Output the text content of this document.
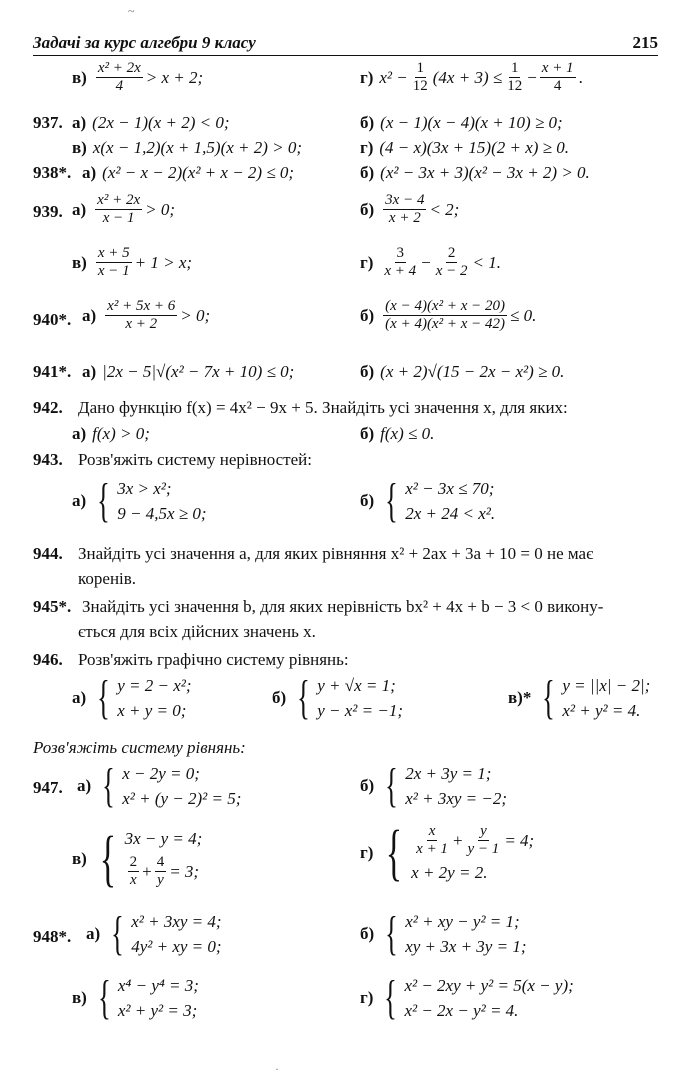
Задачі за курс алгебри 9 класу	215
$в) \frac{\text{x² + 2x}}{4} > x + 2$;	г) $x^2 - \frac{1}{12} (4x + 3) \le \frac{1}{12} - \frac{x + 1}{4}$ .
937. а) (2x − 1)(x + 2) < 0;	б) (x − 1)(x − 4)(x + 10) ≥ 0;
в) x(x − 1,2)(x + 1,5)(x + 2) > 0;	г) (4 − x)(3x + 15)(2 + x) ≥ 0.
938*. а) (x² − x − 2)(x² + x − 2) ≤ 0;	б) (x² − 3x + 3)(x² − 3x + 2) > 0.
939. $а) \frac{\text{x² + 2x}}{x - 1} > 0$;	$б) \frac{3x - 4}{x + 2} < 2$;
$в) \frac{x + 5}{x - 1} + 1 > x$;	$г) \frac{3}{x + 4} - \frac{2}{x - 2} < 1$.
940*. $а) \frac{\text{x² + 5x + 6}}{x + 2} > 0$;	$б) \frac{\text{(x − 4)(x² + x − 20)}}{\text{(x + 4)(x² + x − 42)}} \le 0$.
941*. а) |2x − 5|√(x² − 7x + 10) ≤ 0;	б) (x + 2)√(15 − 2x − x²) ≥ 0.
942. Дано функцію f(x) = 4x² − 9x + 5. Знайдіть усі значення x, для яких:
а) f(x) > 0;	б) f(x) ≤ 0.
943. Розв'яжіть систему нерівностей:
а) { 3x > x²;
9 − 4,5x ≥ 0;
б) { x² − 3x ≤ 70;
2x + 24 < x².
944. Знайдіть усі значення a, для яких рівняння x² + 2ax + 3a + 10 = 0 не має
коренів.
945*. Знайдіть усі значення b, для яких нерівність bx² + 4x + b − 3 < 0 викону-
ється для всіх дійсних значень x.
946. Розв'яжіть графічно систему рівнянь:
а) { y = 2 − x²;
x + y = 0;
б) { y + √x = 1;
y − x² = −1;
в)* { y = ||x| − 2|;
x² + y² = 4.
Розв'яжіть систему рівнянь:
947. а) { x − 2y = 0;
x² + (y − 2)² = 5;
б) { 2x + 3y = 1;
x² + 3xy = −2;
в) { 3x − y = 4;
$\frac{2}{x} + \frac{4}{y} = 3$;
г) { $\frac{x}{x + 1} + \frac{y}{y - 1} = 4$;
x + 2y = 2.
948*. а) { x² + 3xy = 4;
4y² + xy = 0;
б) { x² + xy − y² = 1;
xy + 3x + 3y = 1;
в) { x⁴ − y⁴ = 3;
x² + y² = 3;
г) { x² − 2xy + y² = 5(x − y);
x² − 2x − y² = 4.
~
·
